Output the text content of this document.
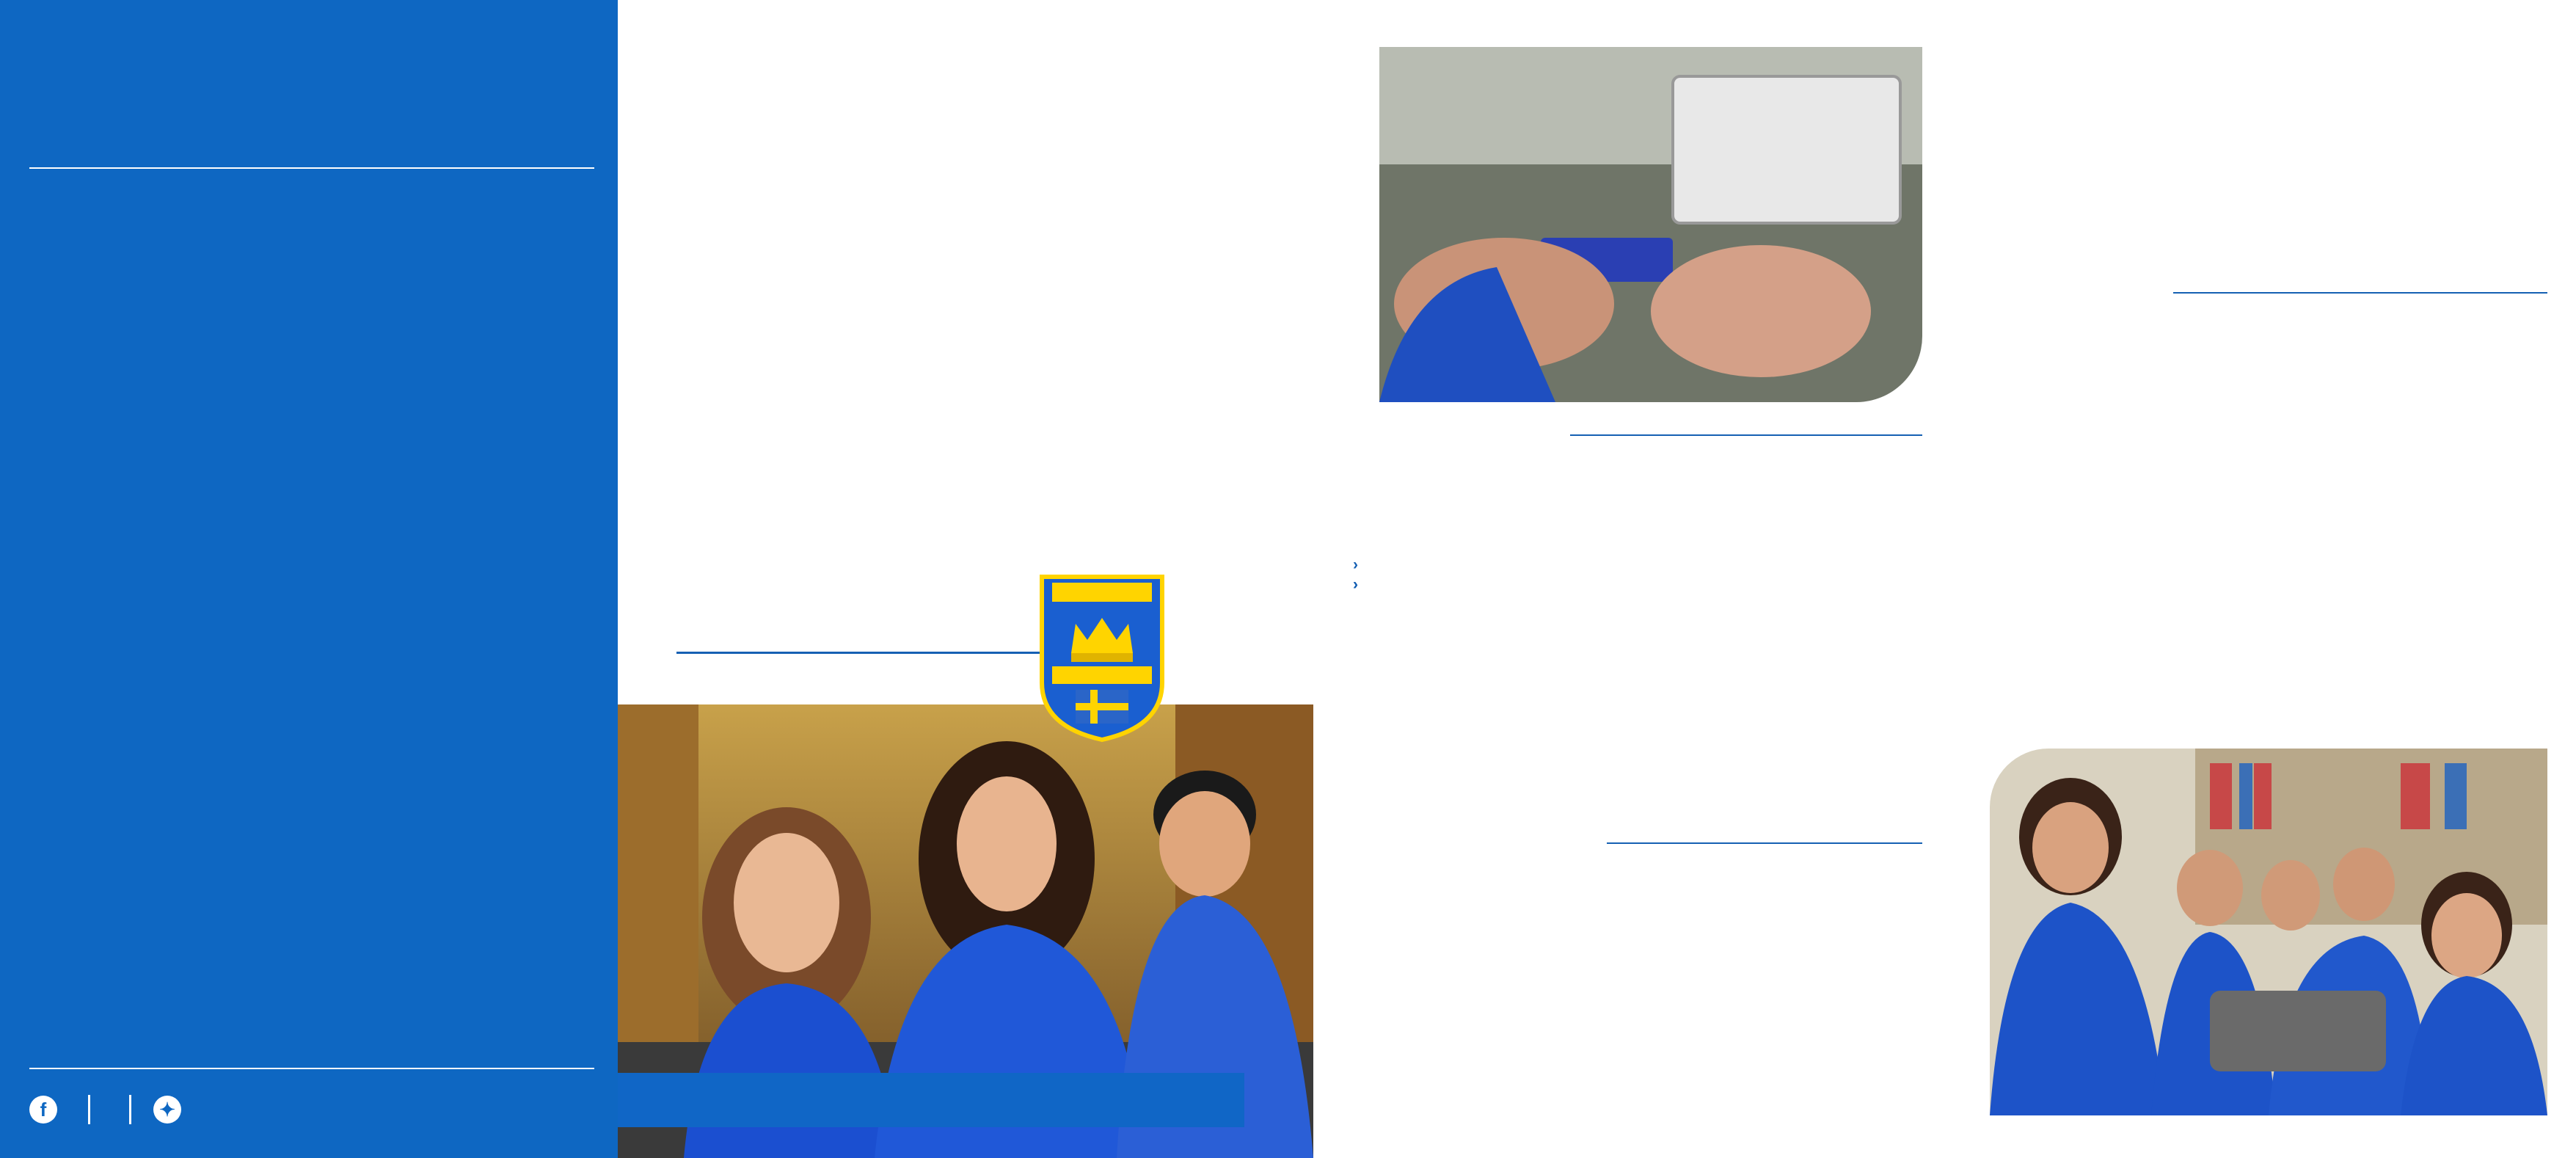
f
	✦
